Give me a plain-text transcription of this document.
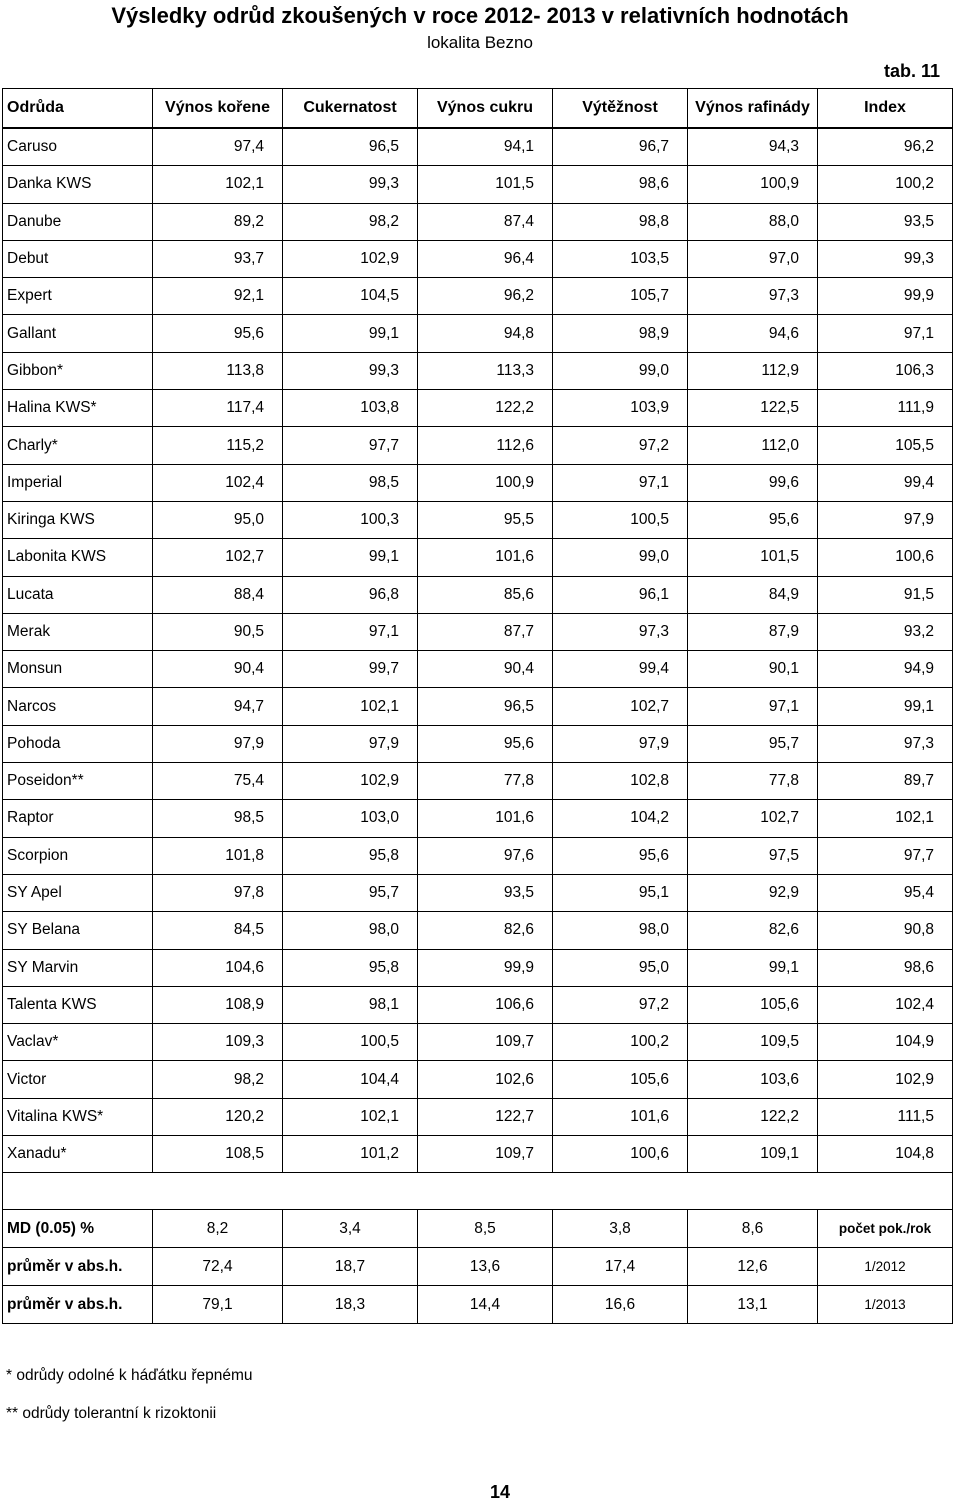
Výsledky odrůd zkoušených v roce 2012- 2013 v relativních hodnotách
lokalita Bezno
tab. 11
Odrůda	Výnos kořene	Cukernatost	Výnos cukru	Výtěžnost	Výnos rafinády	Index
Caruso	97,4	96,5	94,1	96,7	94,3	96,2
Danka KWS	102,1	99,3	101,5	98,6	100,9	100,2
Danube	89,2	98,2	87,4	98,8	88,0	93,5
Debut	93,7	102,9	96,4	103,5	97,0	99,3
Expert	92,1	104,5	96,2	105,7	97,3	99,9
Gallant	95,6	99,1	94,8	98,9	94,6	97,1
Gibbon*	113,8	99,3	113,3	99,0	112,9	106,3
Halina KWS*	117,4	103,8	122,2	103,9	122,5	111,9
Charly*	115,2	97,7	112,6	97,2	112,0	105,5
Imperial	102,4	98,5	100,9	97,1	99,6	99,4
Kiringa KWS	95,0	100,3	95,5	100,5	95,6	97,9
Labonita KWS	102,7	99,1	101,6	99,0	101,5	100,6
Lucata	88,4	96,8	85,6	96,1	84,9	91,5
Merak	90,5	97,1	87,7	97,3	87,9	93,2
Monsun	90,4	99,7	90,4	99,4	90,1	94,9
Narcos	94,7	102,1	96,5	102,7	97,1	99,1
Pohoda	97,9	97,9	95,6	97,9	95,7	97,3
Poseidon**	75,4	102,9	77,8	102,8	77,8	89,7
Raptor	98,5	103,0	101,6	104,2	102,7	102,1
Scorpion	101,8	95,8	97,6	95,6	97,5	97,7
SY Apel	97,8	95,7	93,5	95,1	92,9	95,4
SY Belana	84,5	98,0	82,6	98,0	82,6	90,8
SY Marvin	104,6	95,8	99,9	95,0	99,1	98,6
Talenta KWS	108,9	98,1	106,6	97,2	105,6	102,4
Vaclav*	109,3	100,5	109,7	100,2	109,5	104,9
Victor	98,2	104,4	102,6	105,6	103,6	102,9
Vitalina KWS*	120,2	102,1	122,7	101,6	122,2	111,5
Xanadu*	108,5	101,2	109,7	100,6	109,1	104,8

MD (0.05) %	8,2	3,4	8,5	3,8	8,6	počet pok./rok
průměr v abs.h.	72,4	18,7	13,6	17,4	12,6	1/2012
průměr v abs.h.	79,1	18,3	14,4	16,6	13,1	1/2013
* odrůdy odolné k háďátku řepnému
** odrůdy tolerantní k rizoktonii
14
